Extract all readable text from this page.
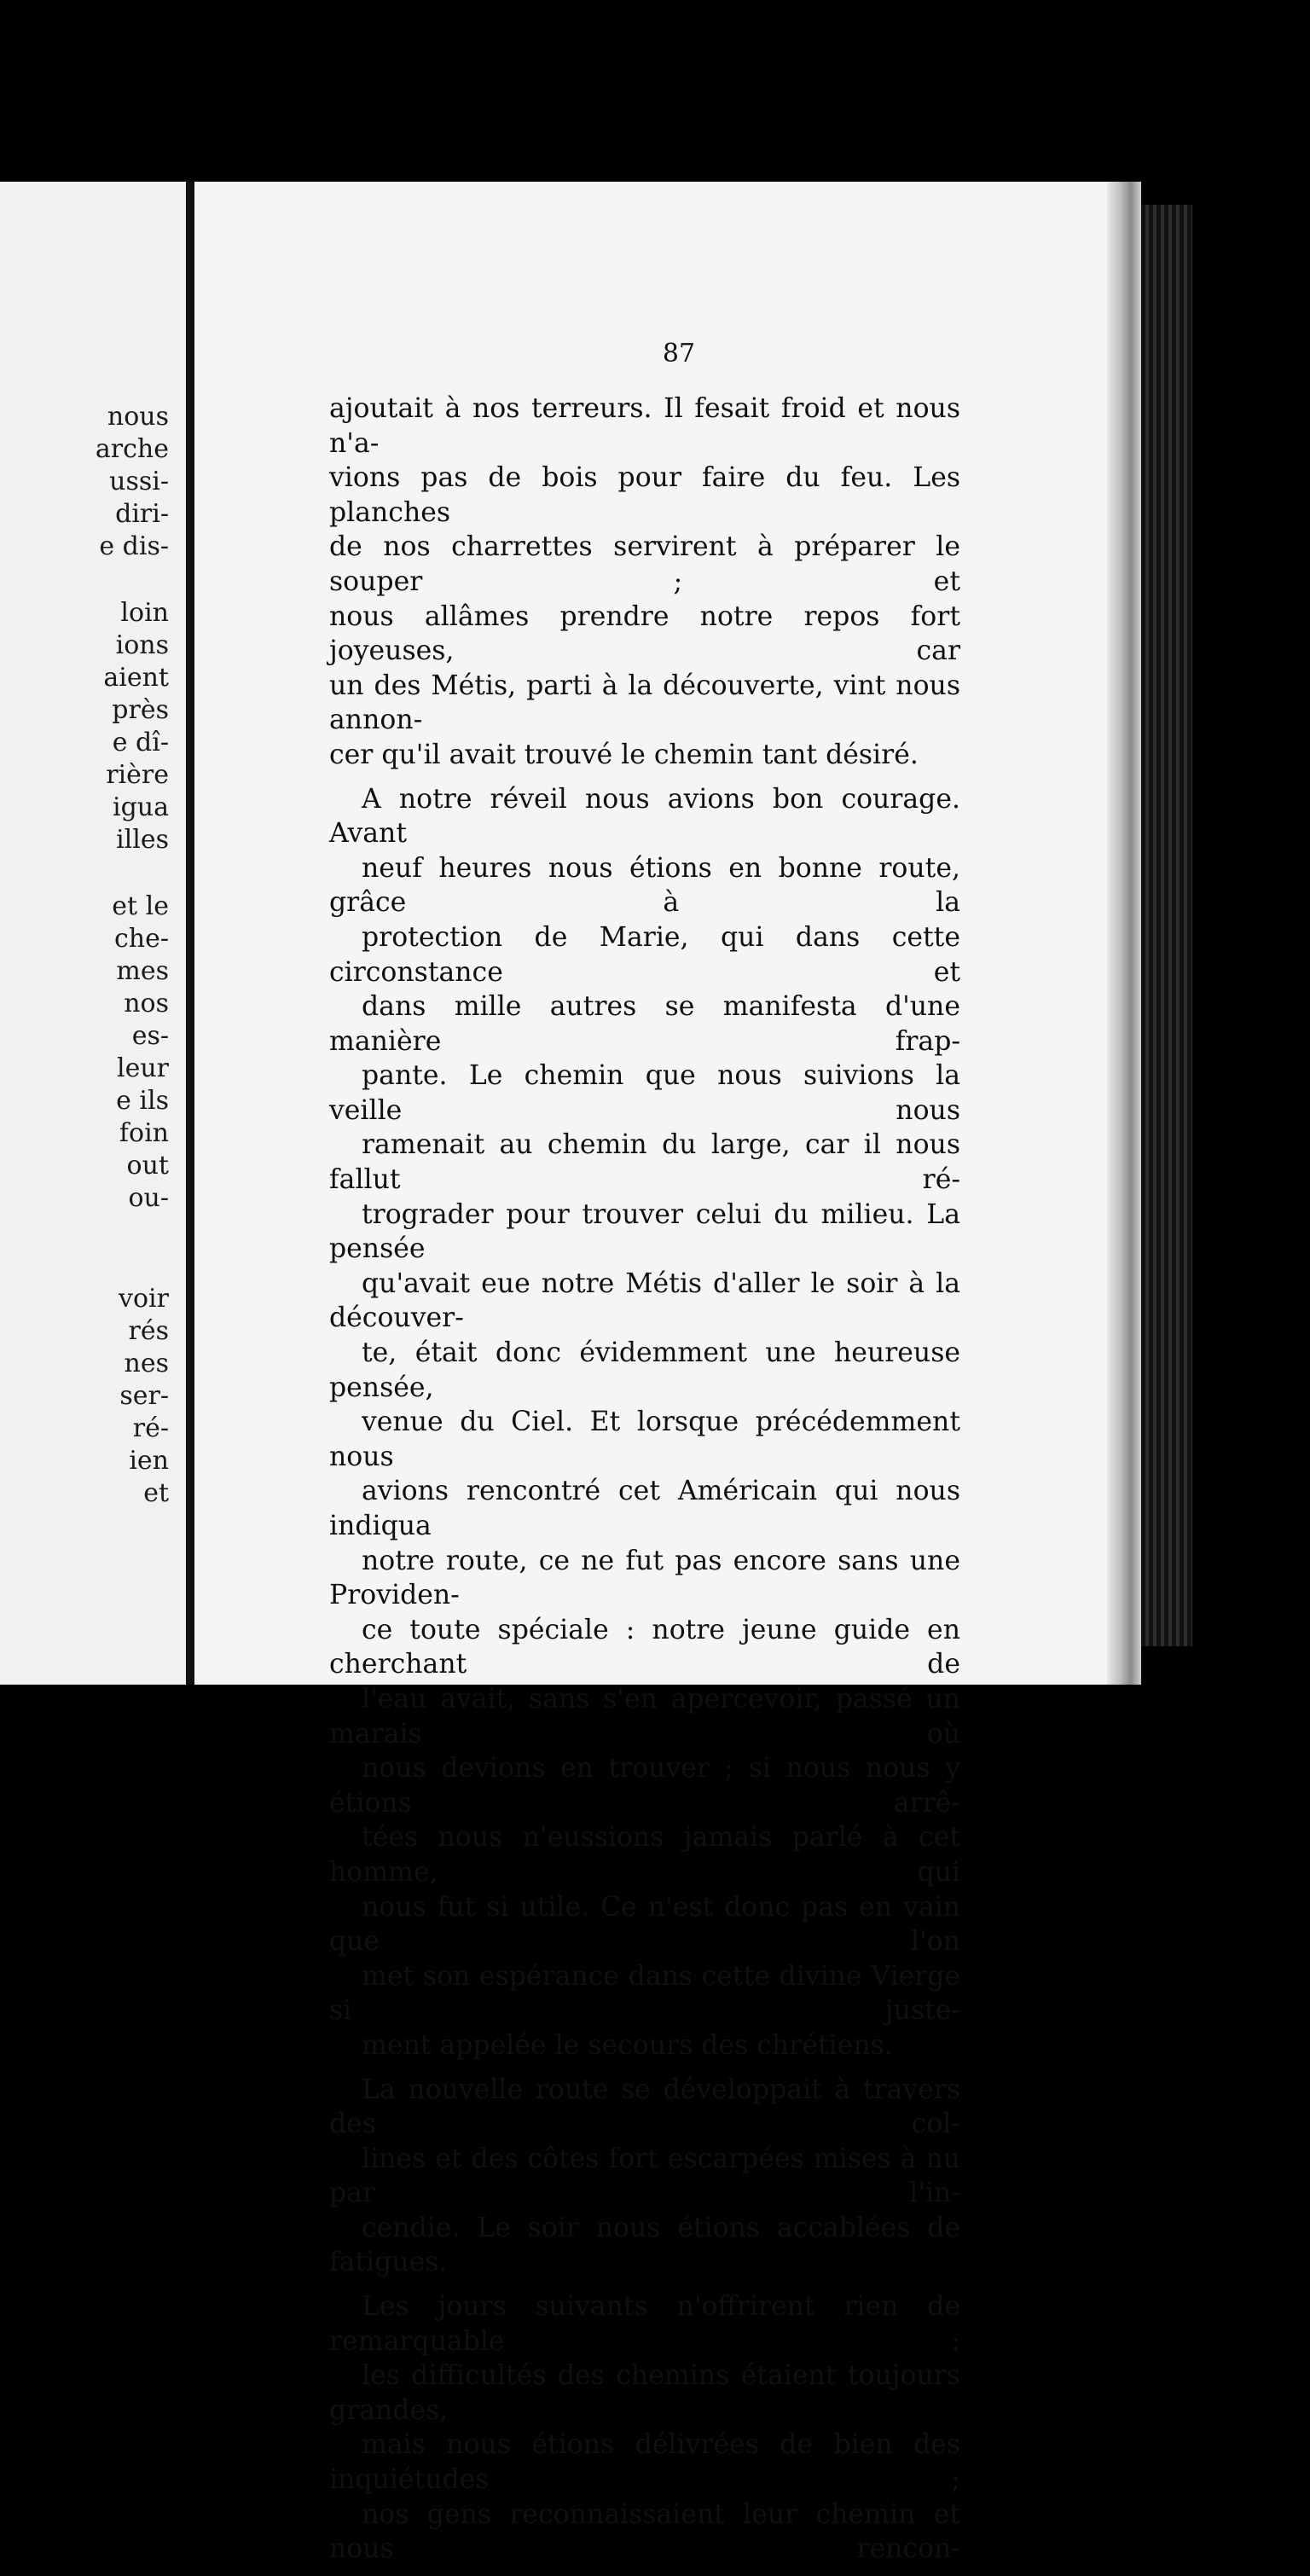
nous
arche
ussi-
diri-
e dis-
loin
ions
aient
près
e dî-
rière
igua
illes
et le
che-
mes
nos
es-
leur
e ils
foin
out
ou-
voir
rés
nes
ser-
ré-
ien
et
87
ajoutait à nos terreurs. Il fesait froid et nous n'a-
vions pas de bois pour faire du feu. Les planches
de nos charrettes servirent à préparer le souper ; et
nous allâmes prendre notre repos fort joyeuses, car
un des Métis, parti à la découverte, vint nous annon-
cer qu'il avait trouvé le chemin tant désiré.
A notre réveil nous avions bon courage. Avant
neuf heures nous étions en bonne route, grâce à la
protection de Marie, qui dans cette circonstance et
dans mille autres se manifesta d'une manière frap-
pante. Le chemin que nous suivions la veille nous
ramenait au chemin du large, car il nous fallut ré-
trograder pour trouver celui du milieu. La pensée
qu'avait eue notre Métis d'aller le soir à la découver-
te, était donc évidemment une heureuse pensée,
venue du Ciel. Et lorsque précédemment nous
avions rencontré cet Américain qui nous indiqua
notre route, ce ne fut pas encore sans une Providen-
ce toute spéciale : notre jeune guide en cherchant de
l'eau avait, sans s'en apercevoir, passé un marais où
nous devions en trouver ; si nous nous y étions arrê-
tées nous n'eussions jamais parlé à cet homme, qui
nous fut si utile. Ce n'est donc pas en vain que l'on
met son espérance dans cette divine Vierge si juste-
ment appelée le secours des chrétiens.
La nouvelle route se développait à travers des col-
lines et des côtes fort escarpées mises à nu par l'in-
cendie. Le soir nous étions accablées de fatigues.
Les jours suivants n'offrirent rien de remarquable :
les difficultés des chemins étaient toujours grandes,
mais nous étions délivrées de bien des inquiétudes ;
nos gens reconnaissaient leur chemin et nous rencon-
